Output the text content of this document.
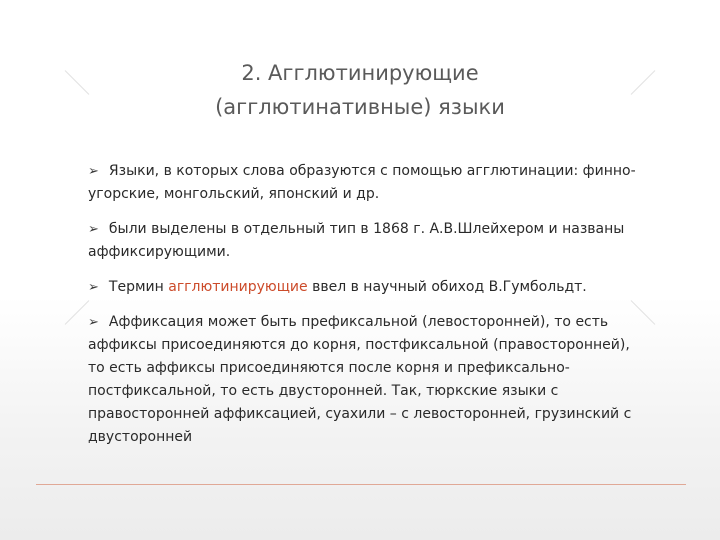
2. Агглютинирующие
(агглютинативные) языки
➢ Языки, в которых слова образуются с помощью агглютинации: финно-угорские, монгольский, японский и др.
➢ были выделены в отдельный тип в 1868 г. А.В.Шлейхером и названы аффиксирующими.
➢ Термин агглютинирующие ввел в научный обиход В.Гумбольдт.
➢ Аффиксация может быть префиксальной (левосторонней), то есть аффиксы присоединяются до корня, постфиксальной (правосторонней), то есть аффиксы присоединяются после корня и префиксально-постфиксальной, то есть двусторонней. Так, тюркские языки с правосторонней аффиксацией, суахили – с левосторонней, грузинский с двусторонней
